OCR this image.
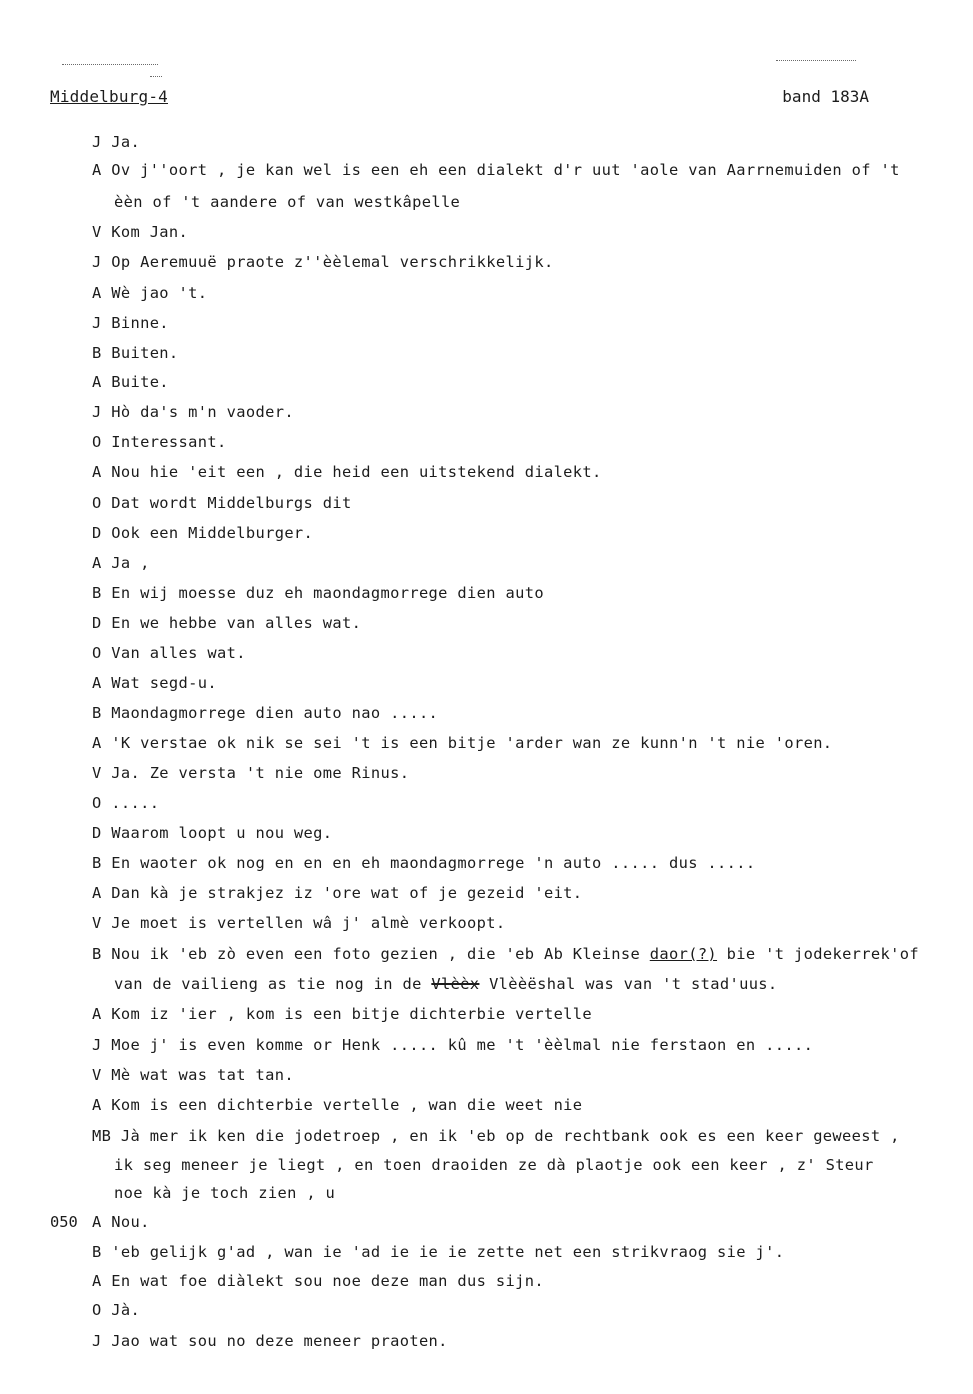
Middelburg-4	band 183A
J Ja.
A Ov j''oort , je kan wel is een eh een dialekt d'r uut 'aole van Aarrnemuiden of 't
èèn of 't aandere of van westkâpelle
V Kom Jan.
J Op Aeremuuë praote z''èèlemal verschrikkelijk.
A Wè jao 't.
J Binne.
B Buiten.
A Buite.
J Hò da's m'n vaoder.
O Interessant.
A Nou hie 'eit een , die heid een uitstekend dialekt.
O Dat wordt Middelburgs dit
D Ook een Middelburger.
A Ja ,
B En wij moesse duz eh maondagmorrege dien auto
D En we hebbe van alles wat.
O Van alles wat.
A Wat segd-u.
B Maondagmorrege dien auto nao .....
A 'K verstae ok nik se sei 't is een bitje 'arder wan ze kunn'n 't nie 'oren.
V Ja. Ze versta 't nie ome Rinus.
O .....
D Waarom loopt u nou weg.
B En waoter ok nog en en en eh maondagmorrege 'n auto ..... dus .....
A Dan kà je strakjez iz 'ore wat of je gezeid 'eit.
V Je moet is vertellen wâ j' almè verkoopt.
B Nou ik 'eb zò even een foto gezien , die 'eb Ab Kleinse daor(?) bie 't jodekerrek'of
van de vailieng as tie nog in de Vlèèx Vlèèëshal was van 't stad'uus.
A Kom iz 'ier , kom is een bitje dichterbie vertelle
J Moe j' is even komme or Henk ..... kû me 't 'èèlmal nie ferstaon en .....
V Mè wat was tat tan.
A Kom is een dichterbie vertelle , wan die weet nie
MB Jà mer ik ken die jodetroep , en ik 'eb op de rechtbank ook es een keer geweest ,
ik seg meneer je liegt , en toen draoiden ze dà plaotje ook een keer , z' Steur
noe kà je toch zien , u
050 A Nou.
B 'eb gelijk g'ad , wan ie 'ad ie ie ie zette net een strikvraog sie j'.
A En wat foe diàlekt sou noe deze man dus sijn.
O Jà.
J Jao wat sou no deze meneer praoten.
